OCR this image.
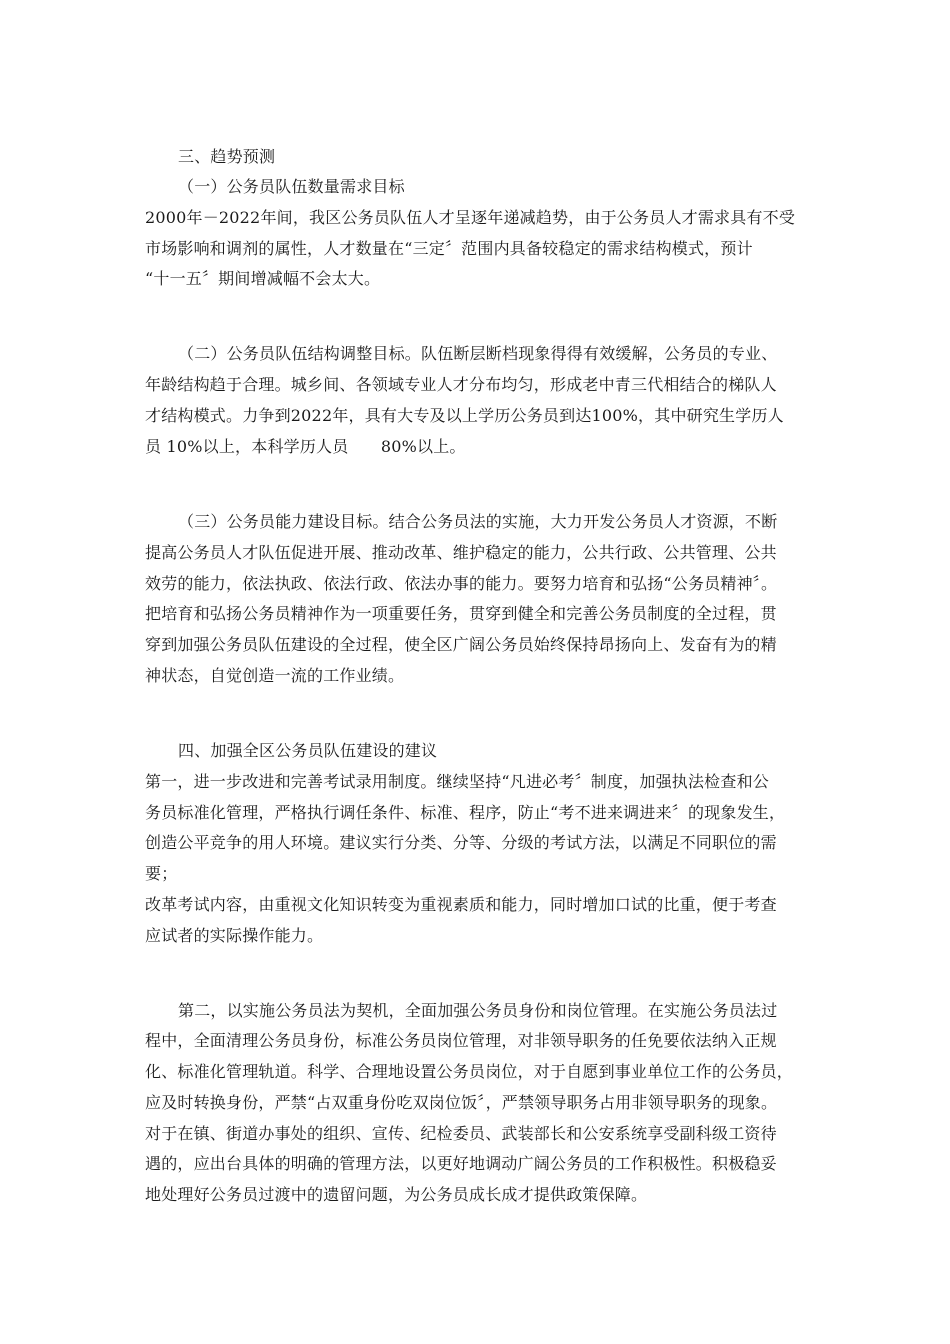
三、趋势预测
（一）公务员队伍数量需求目标
2000年－2022年间，我区公务员队伍人才呈逐年递减趋势，由于公务员人才需求具有不受
市场影响和调剂的属性，人才数量在“三定〞范围内具备较稳定的需求结构模式，预计
“十一五〞期间增减幅不会太大。
（二）公务员队伍结构调整目标。队伍断层断档现象得得有效缓解，公务员的专业、
年龄结构趋于合理。城乡间、各领域专业人才分布均匀，形成老中青三代相结合的梯队人
才结构模式。力争到2022年，具有大专及以上学历公务员到达100%，其中研究生学历人
员 10%以上，本科学历人员　　80%以上。
（三）公务员能力建设目标。结合公务员法的实施，大力开发公务员人才资源，不断
提高公务员人才队伍促进开展、推动改革、维护稳定的能力，公共行政、公共管理、公共
效劳的能力，依法执政、依法行政、依法办事的能力。要努力培育和弘扬“公务员精神〞。
把培育和弘扬公务员精神作为一项重要任务，贯穿到健全和完善公务员制度的全过程，贯
穿到加强公务员队伍建设的全过程，使全区广阔公务员始终保持昂扬向上、发奋有为的精
神状态，自觉创造一流的工作业绩。
四、加强全区公务员队伍建设的建议
第一，进一步改进和完善考试录用制度。继续坚持“凡进必考〞制度，加强执法检查和公
务员标准化管理，严格执行调任条件、标准、程序，防止“考不进来调进来〞的现象发生，
创造公平竞争的用人环境。建议实行分类、分等、分级的考试方法，以满足不同职位的需
要；
改革考试内容，由重视文化知识转变为重视素质和能力，同时增加口试的比重，便于考查
应试者的实际操作能力。
第二，以实施公务员法为契机，全面加强公务员身份和岗位管理。在实施公务员法过
程中，全面清理公务员身份，标准公务员岗位管理，对非领导职务的任免要依法纳入正规
化、标准化管理轨道。科学、合理地设置公务员岗位，对于自愿到事业单位工作的公务员，
应及时转换身份，严禁“占双重身份吃双岗位饭〞，严禁领导职务占用非领导职务的现象。
对于在镇、街道办事处的组织、宣传、纪检委员、武装部长和公安系统享受副科级工资待
遇的，应出台具体的明确的管理方法，以更好地调动广阔公务员的工作积极性。积极稳妥
地处理好公务员过渡中的遗留问题，为公务员成长成才提供政策保障。
